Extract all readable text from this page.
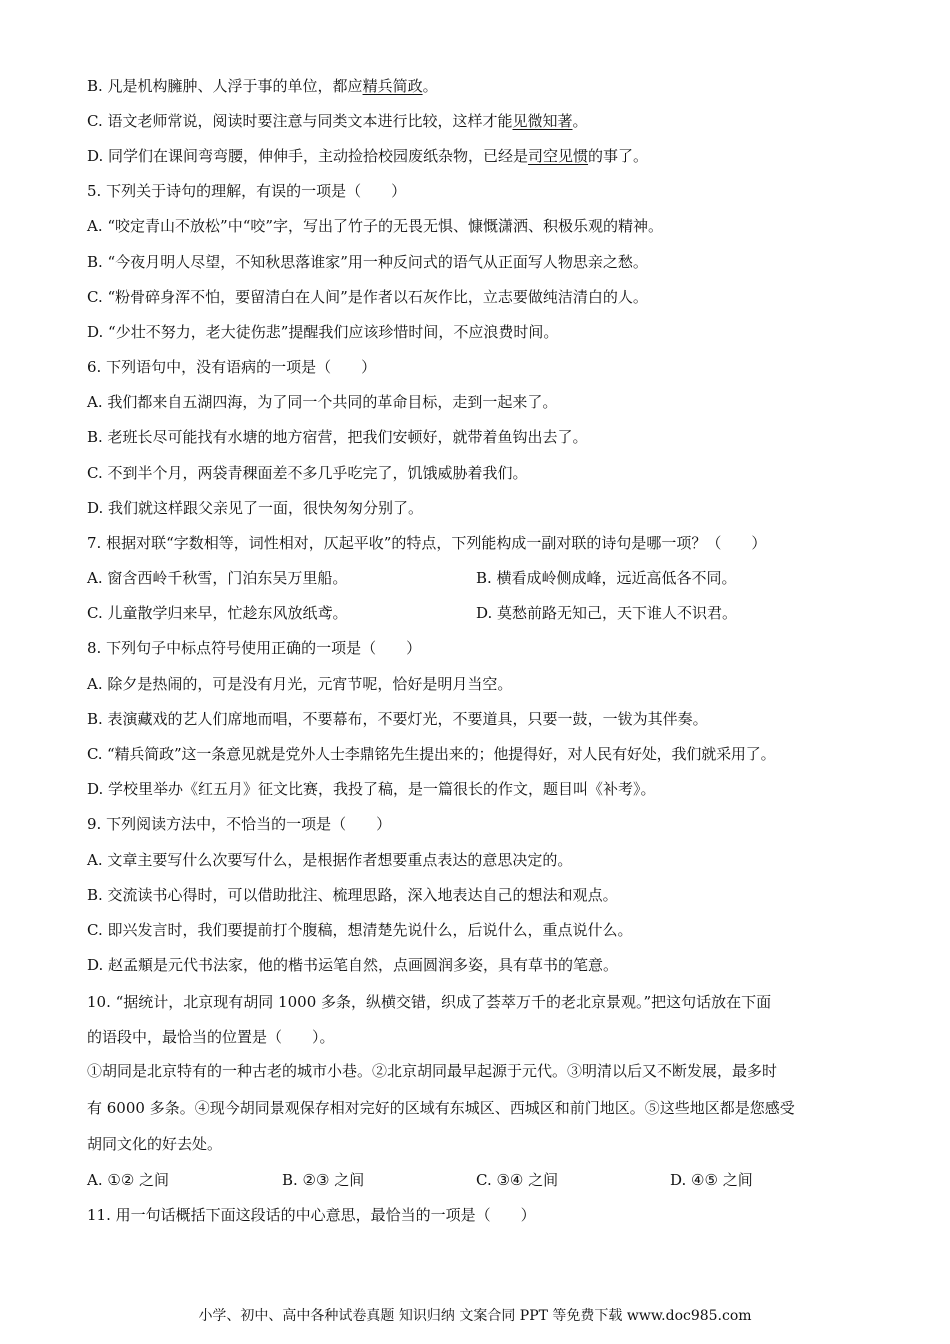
B. 凡是机构臃肿、人浮于事的单位，都应精兵简政。
C. 语文老师常说，阅读时要注意与同类文本进行比较，这样才能见微知著。
D. 同学们在课间弯弯腰，伸伸手，主动捡拾校园废纸杂物，已经是司空见惯的事了。
5. 下列关于诗句的理解，有误的一项是（　　）
A. “咬定青山不放松”中“咬”字，写出了竹子的无畏无惧、慷慨潇洒、积极乐观的精神。
B. “今夜月明人尽望，不知秋思落谁家”用一种反问式的语气从正面写人物思亲之愁。
C. “粉骨碎身浑不怕，要留清白在人间”是作者以石灰作比，立志要做纯洁清白的人。
D. “少壮不努力，老大徒伤悲”提醒我们应该珍惜时间，不应浪费时间。
6. 下列语句中，没有语病的一项是（　　）
A. 我们都来自五湖四海，为了同一个共同的革命目标，走到一起来了。
B. 老班长尽可能找有水塘的地方宿营，把我们安顿好，就带着鱼钩出去了。
C. 不到半个月，两袋青稞面差不多几乎吃完了，饥饿威胁着我们。
D. 我们就这样跟父亲见了一面，很快匆匆分别了。
7. 根据对联“字数相等，词性相对，仄起平收”的特点，下列能构成一副对联的诗句是哪一项？（　　）
A. 窗含西岭千秋雪，门泊东吴万里船。	B. 横看成岭侧成峰，远近高低各不同。
C. 儿童散学归来早，忙趁东风放纸鸢。	D. 莫愁前路无知己，天下谁人不识君。
8. 下列句子中标点符号使用正确的一项是（　　）
A. 除夕是热闹的，可是没有月光，元宵节呢，恰好是明月当空。
B. 表演藏戏的艺人们席地而唱，不要幕布，不要灯光，不要道具，只要一鼓，一钹为其伴奏。
C. “精兵简政”这一条意见就是党外人士李鼎铭先生提出来的；他提得好，对人民有好处，我们就采用了。
D. 学校里举办《红五月》征文比赛，我投了稿，是一篇很长的作文，题目叫《补考》。
9. 下列阅读方法中，不恰当的一项是（　　）
A. 文章主要写什么次要写什么，是根据作者想要重点表达的意思决定的。
B. 交流读书心得时，可以借助批注、梳理思路，深入地表达自己的想法和观点。
C. 即兴发言时，我们要提前打个腹稿，想清楚先说什么，后说什么，重点说什么。
D. 赵孟頫是元代书法家，他的楷书运笔自然，点画圆润多姿，具有草书的笔意。
10. “据统计，北京现有胡同 1000 多条，纵横交错，织成了荟萃万千的老北京景观。”把这句话放在下面
的语段中，最恰当的位置是（　　）。
①胡同是北京特有的一种古老的城市小巷。②北京胡同最早起源于元代。③明清以后又不断发展，最多时
有 6000 多条。④现今胡同景观保存相对完好的区域有东城区、西城区和前门地区。⑤这些地区都是您感受
胡同文化的好去处。
A. ①② 之间	B. ②③ 之间	C. ③④ 之间	D. ④⑤ 之间
11. 用一句话概括下面这段话的中心意思，最恰当的一项是（　　）
小学、初中、高中各种试卷真题 知识归纳 文案合同 PPT 等免费下载 www.doc985.com
